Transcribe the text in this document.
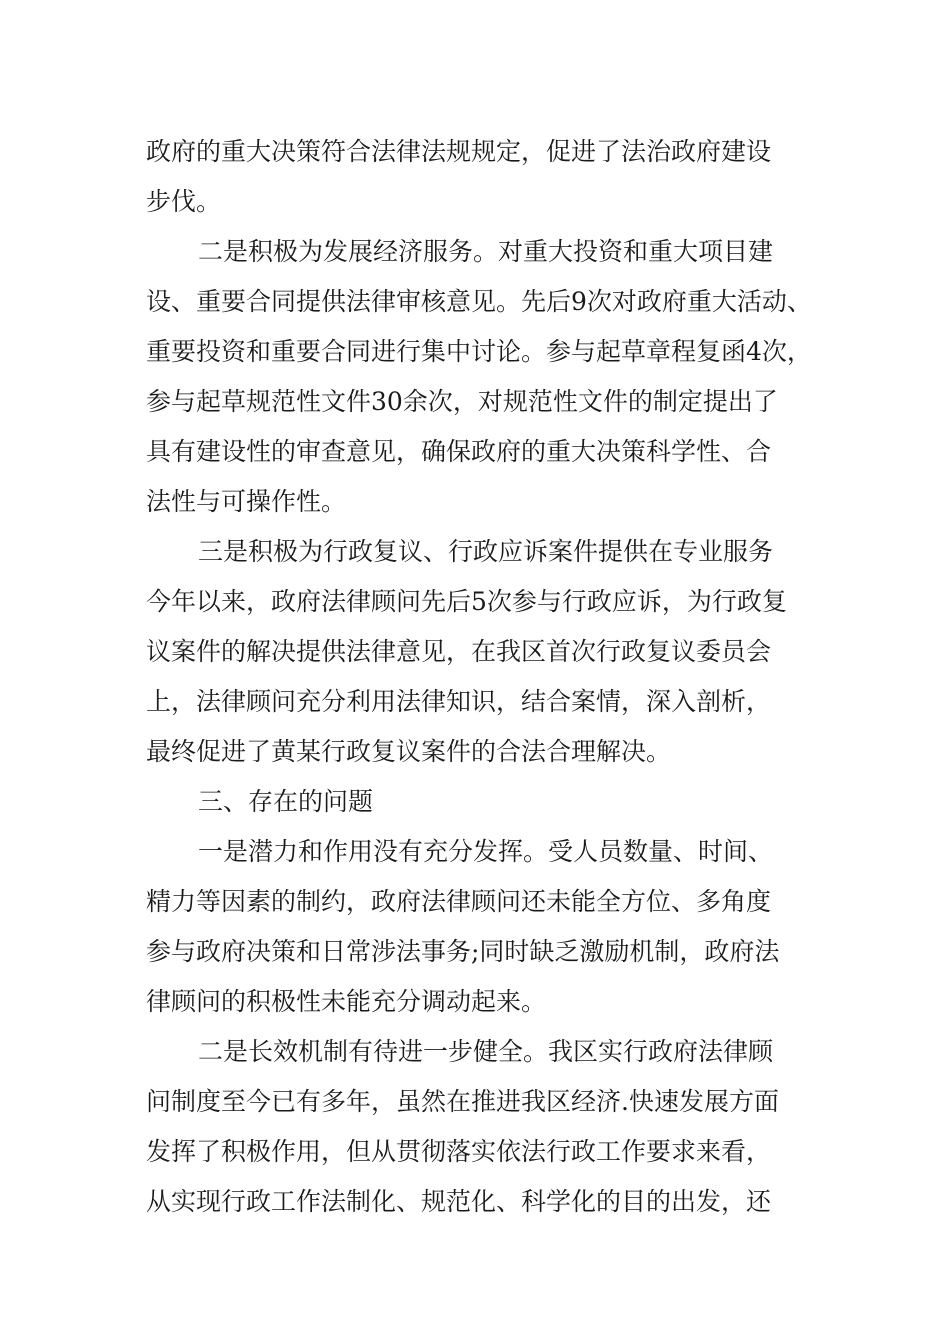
政府的重大决策符合法律法规规定，促进了法治政府建设
步伐。
二是积极为发展经济服务。对重大投资和重大项目建
设、重要合同提供法律审核意见。先后9次对政府重大活动、
重要投资和重要合同进行集中讨论。参与起草章程复函4次，
参与起草规范性文件30余次，对规范性文件的制定提出了
具有建设性的审查意见，确保政府的重大决策科学性、合
法性与可操作性。
三是积极为行政复议、行政应诉案件提供在专业服务
今年以来，政府法律顾问先后5次参与行政应诉，为行政复
议案件的解决提供法律意见，在我区首次行政复议委员会
上，法律顾问充分利用法律知识，结合案情，深入剖析，
最终促进了黄某行政复议案件的合法合理解决。
三、存在的问题
一是潜力和作用没有充分发挥。受人员数量、时间、
精力等因素的制约，政府法律顾问还未能全方位、多角度
参与政府决策和日常涉法事务;同时缺乏激励机制，政府法
律顾问的积极性未能充分调动起来。
二是长效机制有待进一步健全。我区实行政府法律顾
问制度至今已有多年，虽然在推进我区经济.快速发展方面
发挥了积极作用，但从贯彻落实依法行政工作要求来看，
从实现行政工作法制化、规范化、科学化的目的出发，还
